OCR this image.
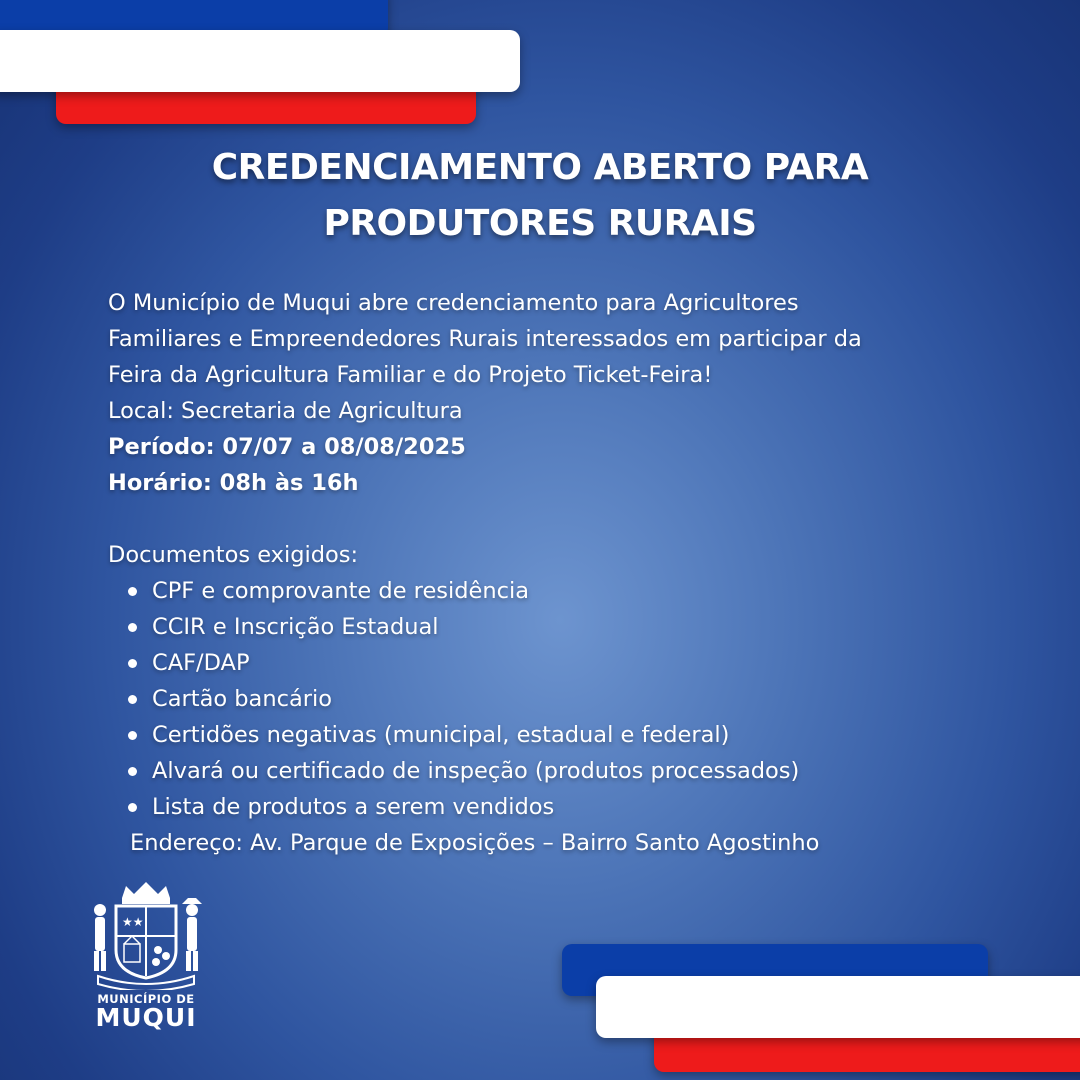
CREDENCIAMENTO ABERTO PARA
PRODUTORES RURAIS
O Município de Muqui abre credenciamento para Agricultores
Familiares e Empreendedores Rurais interessados em participar da
Feira da Agricultura Familiar e do Projeto Ticket-Feira!
Local: Secretaria de Agricultura
Período: 07/07 a 08/08/2025
Horário: 08h às 16h
Documentos exigidos:
CPF e comprovante de residência
CCIR e Inscrição Estadual
CAF/DAP
Cartão bancário
Certidões negativas (municipal, estadual e federal)
Alvará ou certificado de inspeção (produtos processados)
Lista de produtos a serem vendidos
Endereço: Av. Parque de Exposições – Bairro Santo Agostinho
★★
MUNICÍPIO DE
MUQUI
